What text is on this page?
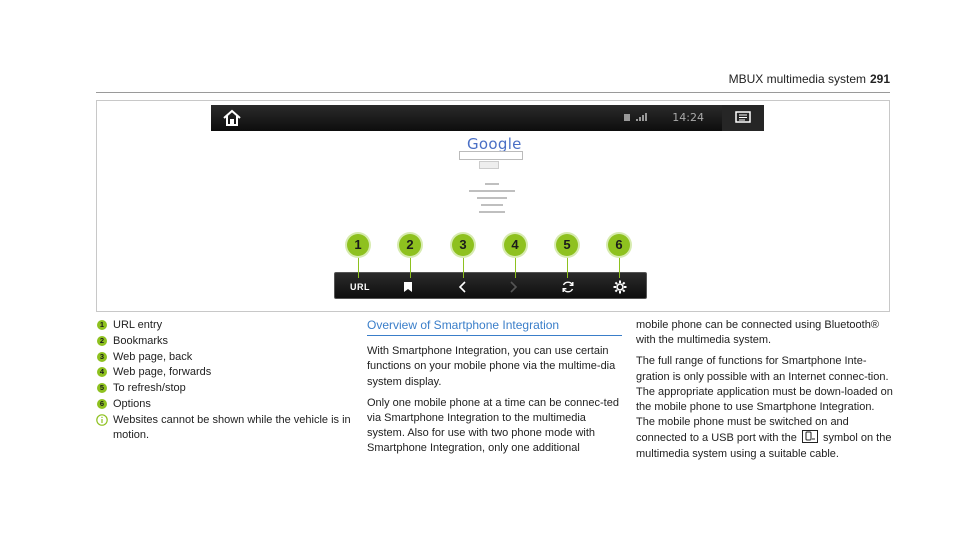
MBUX multimedia system 291
14:24
Google
URL
1	2	3	4	5	6
1 URL entry
2 Bookmarks
3 Web page, back
4 Web page, forwards
5 To refresh/stop
6 Options
Websites cannot be shown while the vehicle is in motion.
Overview of Smartphone Integration

With Smartphone Integration, you can use certain functions on your mobile phone via the multime-dia system display.

Only one mobile phone at a time can be connec-ted via Smartphone Integration to the multimedia system. Also for use with two phone mode with Smartphone Integration, only one additional

mobile phone can be connected using Bluetooth®

with the multimedia system.

The full range of functions for Smartphone Inte-gration is only possible with an Internet connec-tion. The appropriate application must be down-loaded on the mobile phone to use Smartphone Integration. The mobile phone must be switched on and connected to a USB port with the symbol on the multimedia system using a suitable cable.
